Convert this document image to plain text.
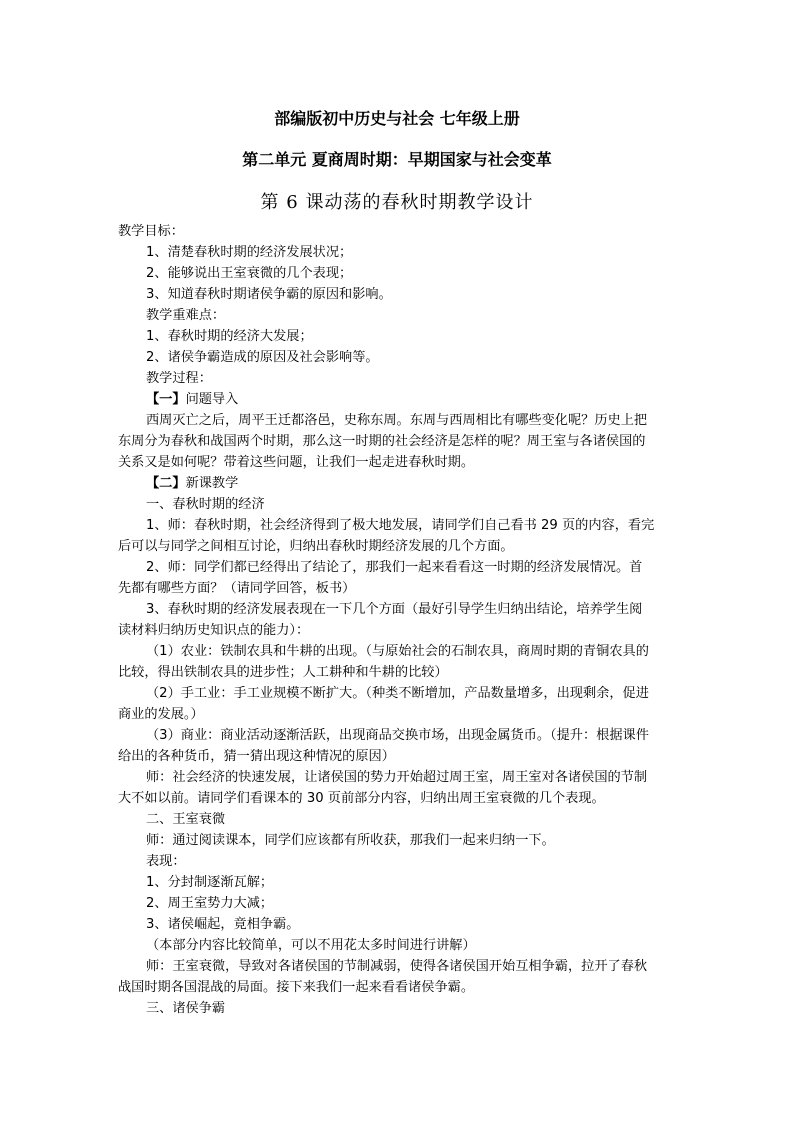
部编版初中历史与社会 七年级上册
第二单元 夏商周时期：早期国家与社会变革
第 6 课动荡的春秋时期教学设计

教学目标：

1、清楚春秋时期的经济发展状况；

2、能够说出王室衰微的几个表现；

3、知道春秋时期诸侯争霸的原因和影响。

教学重难点：

1、春秋时期的经济大发展；

2、诸侯争霸造成的原因及社会影响等。

教学过程：

【一】问题导入

西周灭亡之后，周平王迁都洛邑，史称东周。东周与西周相比有哪些变化呢？历史上把

东周分为春秋和战国两个时期，那么这一时期的社会经济是怎样的呢？周王室与各诸侯国的

关系又是如何呢？带着这些问题，让我们一起走进春秋时期。

【二】新课教学

一、春秋时期的经济

1、师：春秋时期，社会经济得到了极大地发展，请同学们自己看书 29 页的内容，看完

后可以与同学之间相互讨论，归纳出春秋时期经济发展的几个方面。

2、师：同学们都已经得出了结论了，那我们一起来看看这一时期的经济发展情况。首

先都有哪些方面？（请同学回答，板书）

3、春秋时期的经济发展表现在一下几个方面（最好引导学生归纳出结论，培养学生阅

读材料归纳历史知识点的能力）：

（1）农业：铁制农具和牛耕的出现。（与原始社会的石制农具，商周时期的青铜农具的

比较，得出铁制农具的进步性；人工耕种和牛耕的比较）

（2）手工业：手工业规模不断扩大。（种类不断增加，产品数量增多，出现剩余，促进

商业的发展。）

（3）商业：商业活动逐渐活跃，出现商品交换市场，出现金属货币。（提升：根据课件

给出的各种货币，猜一猜出现这种情况的原因）

师：社会经济的快速发展，让诸侯国的势力开始超过周王室，周王室对各诸侯国的节制

大不如以前。请同学们看课本的 30 页前部分内容，归纳出周王室衰微的几个表现。

二、王室衰微

师：通过阅读课本，同学们应该都有所收获，那我们一起来归纳一下。

表现：

1、分封制逐渐瓦解；

2、周王室势力大减；

3、诸侯崛起，竟相争霸。

（本部分内容比较简单，可以不用花太多时间进行讲解）

师：王室衰微，导致对各诸侯国的节制减弱，使得各诸侯国开始互相争霸，拉开了春秋

战国时期各国混战的局面。接下来我们一起来看看诸侯争霸。

三、诸侯争霸
